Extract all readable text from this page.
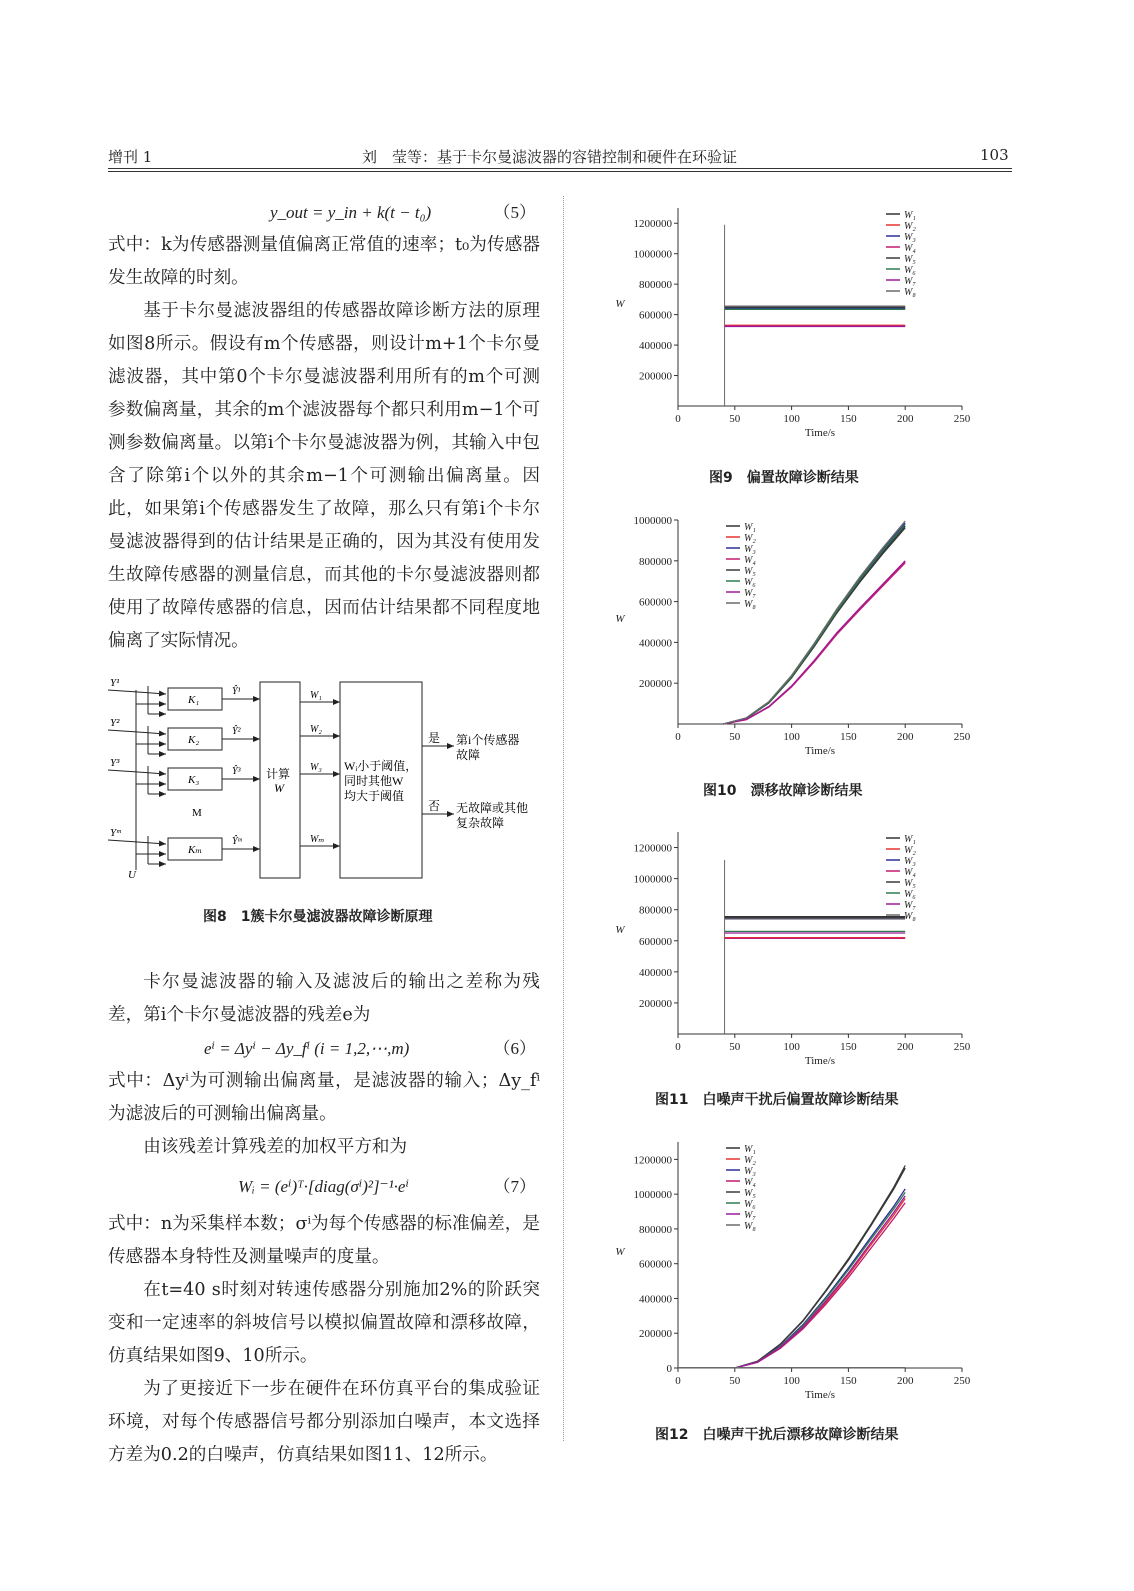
增刊 1	刘　莹等：基于卡尔曼滤波器的容错控制和硬件在环验证	103
y_out = y_in + k(t − t₀)	（5）

式中：k为传感器测量值偏离正常值的速率；t₀为传感器发生故障的时刻。

基于卡尔曼滤波器组的传感器故障诊断方法的原理如图8所示。假设有m个传感器，则设计m+1个卡尔曼滤波器，其中第0个卡尔曼滤波器利用所有的m个可测参数偏离量，其余的m个滤波器每个都只利用m−1个可测参数偏离量。以第i个卡尔曼滤波器为例，其输入中包含了除第i个以外的其余m−1个可测输出偏离量。因此，如果第i个传感器发生了故障，那么只有第i个卡尔曼滤波器得到的估计结果是正确的，因为其没有使用发生故障传感器的测量信息，而其他的卡尔曼滤波器则都使用了故障传感器的信息，因而估计结果都不同程度地偏离了实际情况。

Y¹
K₁
Ŷ¹	W₁
Y²
K₂
Ŷ²	W₂
Y³
K₃
Ŷ³	W₃
Yᵐ
Kₘ
Ŷᵐ	Wₘ
M
U
计算
W
Wᵢ小于阈值，
同时其他W
均大于阈值
是 第i个传感器
故障
否 无故障或其他
复杂故障
图8 1簇卡尔曼滤波器故障诊断原理

卡尔曼滤波器的输入及滤波后的输出之差称为残差，第i个卡尔曼滤波器的残差e为

eⁱ = Δyⁱ − Δy_fⁱ (i = 1,2,⋯,m)	（6）

式中：Δyⁱ为可测输出偏离量，是滤波器的输入；Δy_fⁱ为滤波后的可测输出偏离量。

由该残差计算残差的加权平方和为

Wᵢ = (eⁱ)ᵀ·[diag(σⁱ)²]⁻¹·eⁱ	（7）

式中：n为采集样本数；σⁱ为每个传感器的标准偏差，是传感器本身特性及测量噪声的度量。

在t=40 s时刻对转速传感器分别施加2%的阶跃突变和一定速率的斜坡信号以模拟偏置故障和漂移故障，仿真结果如图9、10所示。

为了更接近下一步在硬件在环仿真平台的集成验证环境，对每个传感器信号都分别添加白噪声，本文选择方差为0.2的白噪声，仿真结果如图11、12所示。

200000
400000
600000
800000
1000000
1200000
0	50	100	150	200	250
Time/s
W
W₁
W₂
W₃
W₄
W₅
W₆
W₇
W₈
图9 偏置故障诊断结果
200000
400000
600000
800000
1000000
0	50	100	150	200	250
Time/s
W
W₁
W₂
W₃
W₄
W₅
W₆
W₇
W₈
图10 漂移故障诊断结果
200000
400000
600000
800000
1000000
1200000
0	50	100	150	200	250
Time/s
W
W₁
W₂
W₃
W₄
W₅
W₆
W₇
W₈
图11 白噪声干扰后偏置故障诊断结果
0
200000
400000
600000
800000
1000000
1200000
0	50	100	150	200	250
Time/s
W
W₁
W₂
W₃
W₄
W₅
W₆
W₇
W₈
图12 白噪声干扰后漂移故障诊断结果
